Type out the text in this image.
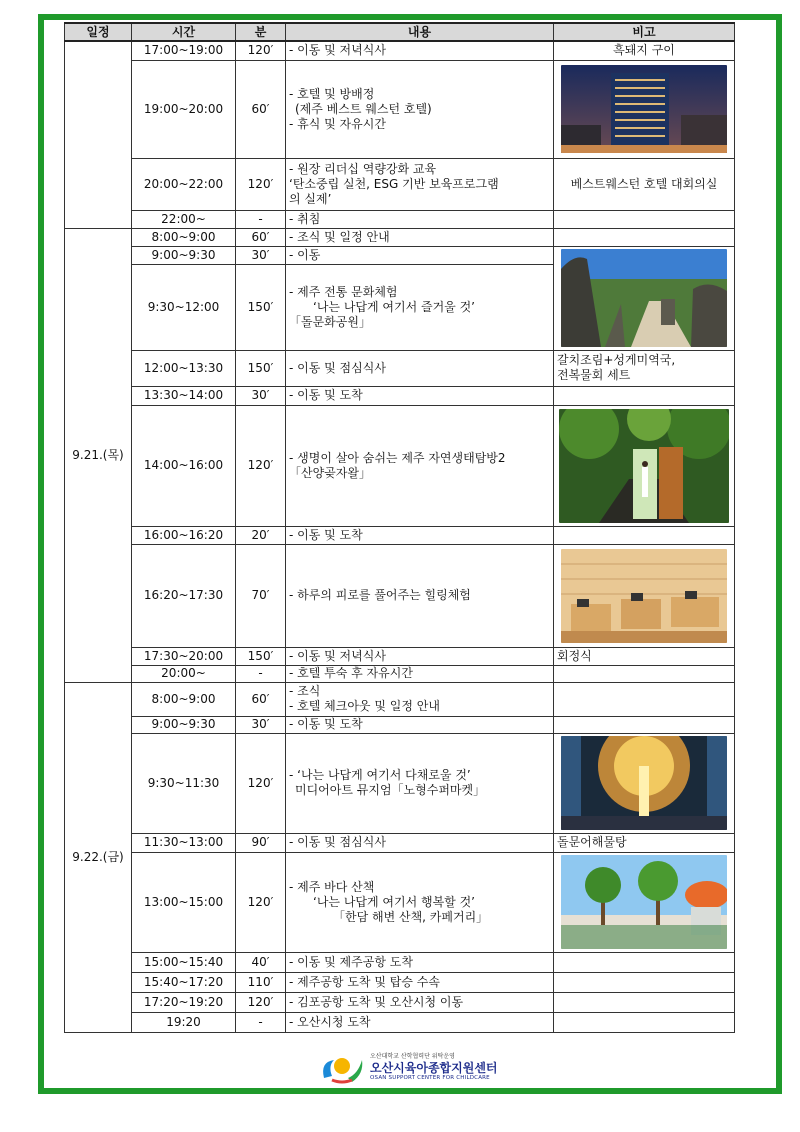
일정	시간	분	내용	비고
	17:00~19:00	120′	- 이동 및 저녁식사	흑돼지 구이
	19:00~20:00	60′	- 호텔 및 방배정
(제주 베스트 웨스턴 호텔)
- 휴식 및 자유시간

	20:00~22:00	120′	- 원장 리더십 역량강화 교육
‘탄소중립 실천, ESG 기반 보육프로그램
의 실제’	베스트웨스턴 호텔 대회의실
	22:00~	-	- 취침	

9.21.(목)	8:00~9:00	60′	- 조식 및 일정 안내	

	9:00~9:30	30′	- 이동

	9:30~12:00	150′	- 제주 전통 문화체험
‘나는 나답게 여기서 즐거울 것’
「돌문화공원」	

	12:00~13:30	150′	- 이동 및 점심식사	갈치조림+성게미역국,
전복물회 세트

	13:30~14:00	30′	- 이동 및 도착	

	14:00~16:00	120′	- 생명이 살아 숨쉬는 제주 자연생태탐방2
「산양곶자왈」

	16:00~16:20	20′	- 이동 및 도착	

	16:20~17:30	70′	- 하루의 피로를 풀어주는 힐링체험

	17:30~20:00	150′	- 이동 및 저녁식사	회정식
	20:00~	-	- 호텔 투숙 후 자유시간	

9.22.(금)	8:00~9:00	60′	- 조식
- 호텔 체크아웃 및 일정 안내	

	9:00~9:30	30′	- 이동 및 도착	

	9:30~11:30	120′	- ‘나는 나답게 여기서 다채로울 것’
미디어아트 뮤지엄「노형수퍼마켓」

	11:30~13:00	90′	- 이동 및 점심식사	돌문어해물탕
	13:00~15:00	120′	- 제주 바다 산책
‘나는 나답게 여기서 행복할 것’
「한담 해변 산책, 카페거리」

	15:00~15:40	40′	- 이동 및 제주공항 도착	

	15:40~17:20	110′	- 제주공항 도착 및 탑승 수속	

	17:20~19:20	120′	- 김포공항 도착 및 오산시청 이동	

	19:20	-	- 오산시청 도착	

오산대학교 산학협력단 위탁운영
오산시육아종합지원센터
OSAN SUPPORT CENTER FOR CHILDCARE
